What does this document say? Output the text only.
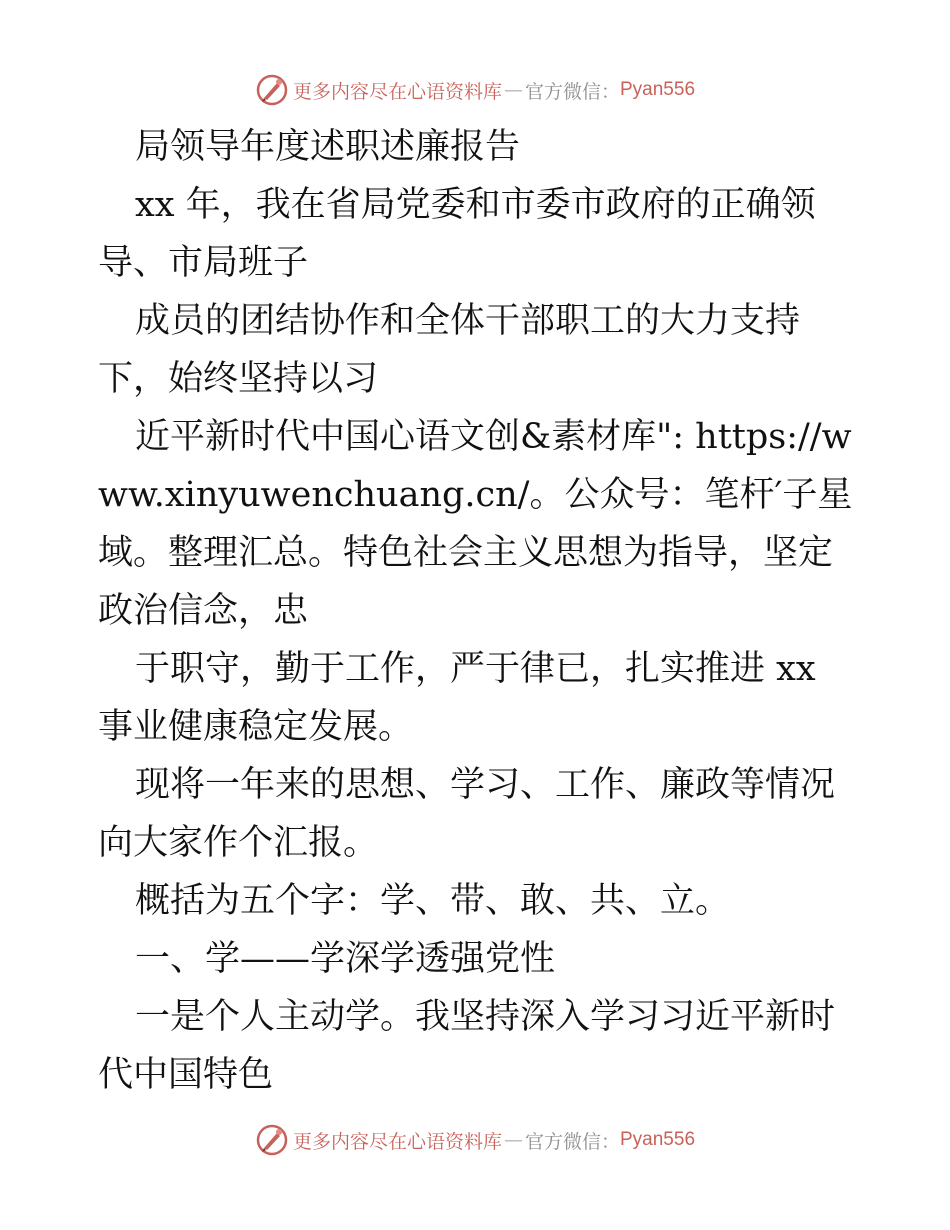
更多内容尽在心语资料库 — 官方微信： Pyan556

局领导年度述职述廉报告

xx 年，我在省局党委和市委市政府的正确领导、市局班子

成员的团结协作和全体干部职工的大力支持下，始终坚持以习

近平新时代中国心语文创&素材库": https://www.xinyuwenchuang.cn/。公众号：笔杆′子星域。整理汇总。特色社会主义思想为指导，坚定政治信念，忠

于职守，勤于工作，严于律已，扎实推进 xx 事业健康稳定发展。

现将一年来的思想、学习、工作、廉政等情况向大家作个汇报。

概括为五个字：学、带、敢、共、立。

一、学——学深学透强党性

一是个人主动学。我坚持深入学习习近平新时代中国特色

更多内容尽在心语资料库 — 官方微信： Pyan556
